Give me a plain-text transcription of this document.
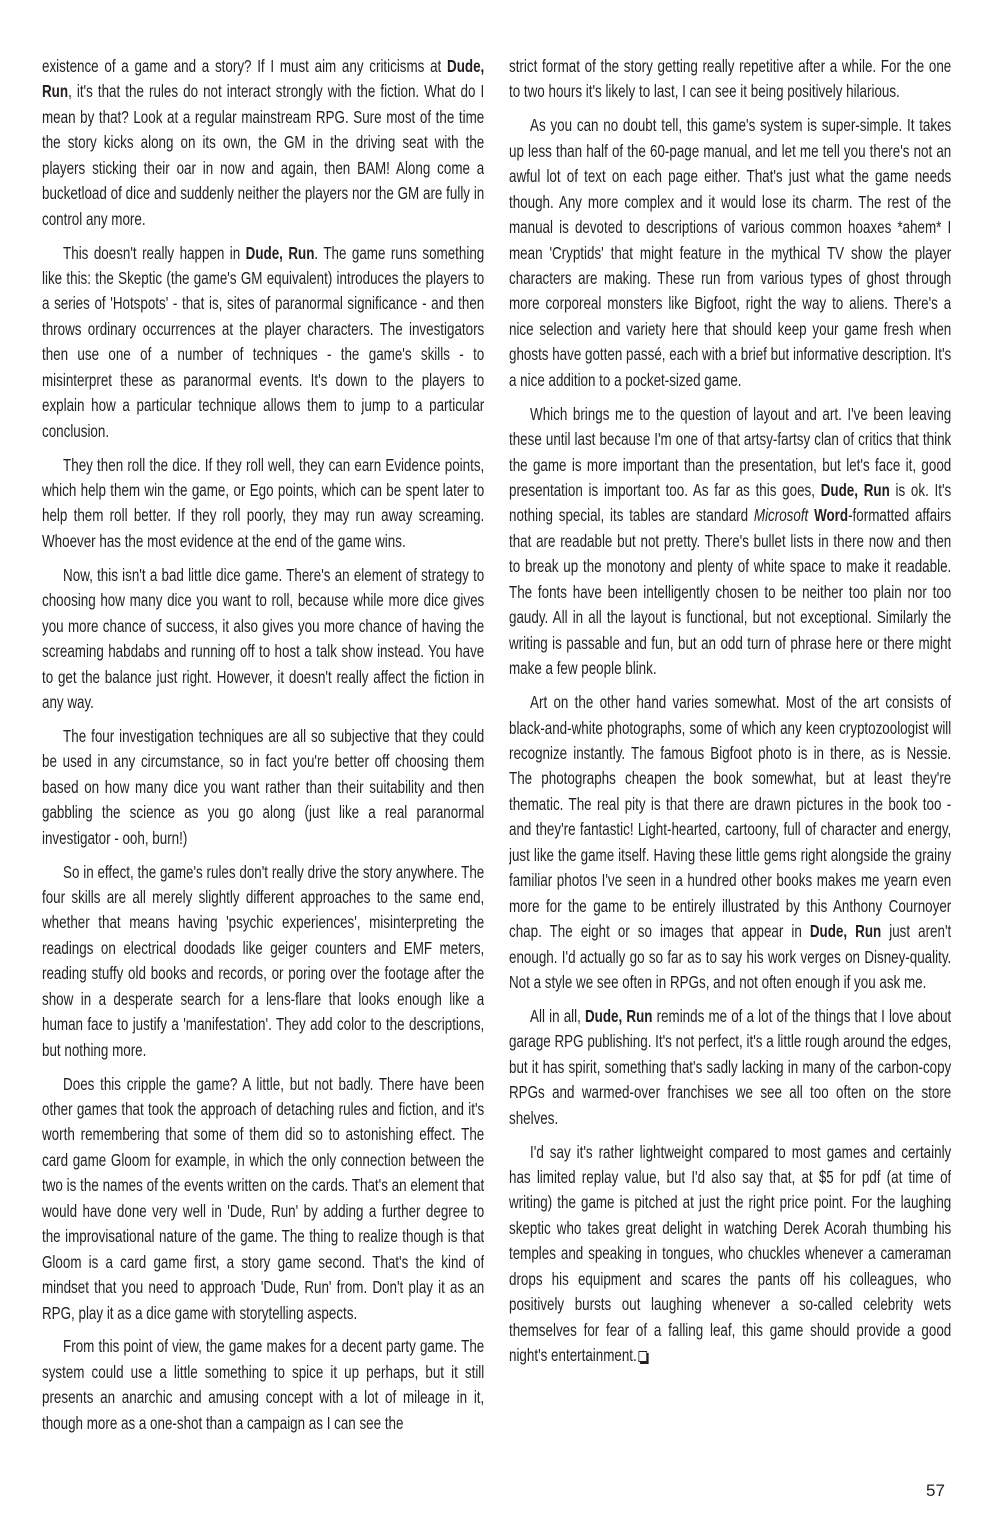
existence of a game and a story? If I must aim any criticisms at Dude, Run, it's that the rules do not interact strongly with the fiction. What do I mean by that? Look at a regular mainstream RPG. Sure most of the time the story kicks along on its own, the GM in the driving seat with the players sticking their oar in now and again, then BAM! Along come a bucketload of dice and suddenly neither the players nor the GM are fully in control any more.

This doesn't really happen in Dude, Run. The game runs something like this: the Skeptic (the game's GM equivalent) introduces the players to a series of 'Hotspots' - that is, sites of paranormal significance - and then throws ordinary occurrences at the player characters. The investigators then use one of a number of techniques - the game's skills - to misinterpret these as paranormal events. It's down to the players to explain how a particular technique allows them to jump to a particular conclusion.

They then roll the dice. If they roll well, they can earn Evidence points, which help them win the game, or Ego points, which can be spent later to help them roll better. If they roll poorly, they may run away screaming. Whoever has the most evidence at the end of the game wins.

Now, this isn't a bad little dice game. There's an element of strategy to choosing how many dice you want to roll, because while more dice gives you more chance of success, it also gives you more chance of having the screaming habdabs and running off to host a talk show instead. You have to get the balance just right. However, it doesn't really affect the fiction in any way.

The four investigation techniques are all so subjective that they could be used in any circumstance, so in fact you're better off choosing them based on how many dice you want rather than their suitability and then gabbling the science as you go along (just like a real paranormal investigator - ooh, burn!)

So in effect, the game's rules don't really drive the story anywhere. The four skills are all merely slightly different approaches to the same end, whether that means having 'psychic experiences', misinterpreting the readings on electrical doodads like geiger counters and EMF meters, reading stuffy old books and records, or poring over the footage after the show in a desperate search for a lens-flare that looks enough like a human face to justify a 'manifestation'. They add color to the descriptions, but nothing more.

Does this cripple the game? A little, but not badly. There have been other games that took the approach of detaching rules and fiction, and it's worth remembering that some of them did so to astonishing effect. The card game Gloom for example, in which the only connection between the two is the names of the events written on the cards. That's an element that would have done very well in 'Dude, Run' by adding a further degree to the improvisational nature of the game. The thing to realize though is that Gloom is a card game first, a story game second. That's the kind of mindset that you need to approach 'Dude, Run' from. Don't play it as an RPG, play it as a dice game with storytelling aspects.

From this point of view, the game makes for a decent party game. The system could use a little something to spice it up perhaps, but it still presents an anarchic and amusing concept with a lot of mileage in it, though more as a one-shot than a campaign as I can see the

strict format of the story getting really repetitive after a while. For the one to two hours it's likely to last, I can see it being positively hilarious.

As you can no doubt tell, this game's system is super-simple. It takes up less than half of the 60-page manual, and let me tell you there's not an awful lot of text on each page either. That's just what the game needs though. Any more complex and it would lose its charm. The rest of the manual is devoted to descriptions of various common hoaxes *ahem* I mean 'Cryptids' that might feature in the mythical TV show the player characters are making. These run from various types of ghost through more corporeal monsters like Bigfoot, right the way to aliens. There's a nice selection and variety here that should keep your game fresh when ghosts have gotten passé, each with a brief but informative description. It's a nice addition to a pocket-sized game.

Which brings me to the question of layout and art. I've been leaving these until last because I'm one of that artsy-fartsy clan of critics that think the game is more important than the presentation, but let's face it, good presentation is important too. As far as this goes, Dude, Run is ok. It's nothing special, its tables are standard Microsoft Word-formatted affairs that are readable but not pretty. There's bullet lists in there now and then to break up the monotony and plenty of white space to make it readable. The fonts have been intelligently chosen to be neither too plain nor too gaudy. All in all the layout is functional, but not exceptional. Similarly the writing is passable and fun, but an odd turn of phrase here or there might make a few people blink.

Art on the other hand varies somewhat. Most of the art consists of black-and-white photographs, some of which any keen cryptozoologist will recognize instantly. The famous Bigfoot photo is in there, as is Nessie. The photographs cheapen the book somewhat, but at least they're thematic. The real pity is that there are drawn pictures in the book too - and they're fantastic! Light-hearted, cartoony, full of character and energy, just like the game itself. Having these little gems right alongside the grainy familiar photos I've seen in a hundred other books makes me yearn even more for the game to be entirely illustrated by this Anthony Cournoyer chap. The eight or so images that appear in Dude, Run just aren't enough. I'd actually go so far as to say his work verges on Disney-quality. Not a style we see often in RPGs, and not often enough if you ask me.

All in all, Dude, Run reminds me of a lot of the things that I love about garage RPG publishing. It's not perfect, it's a little rough around the edges, but it has spirit, something that's sadly lacking in many of the carbon-copy RPGs and warmed-over franchises we see all too often on the store shelves.

I'd say it's rather lightweight compared to most games and certainly has limited replay value, but I'd also say that, at $5 for pdf (at time of writing) the game is pitched at just the right price point. For the laughing skeptic who takes great delight in watching Derek Acorah thumbing his temples and speaking in tongues, who chuckles whenever a cameraman drops his equipment and scares the pants off his colleagues, who positively bursts out laughing whenever a so-called celebrity wets themselves for fear of a falling leaf, this game should provide a good night's entertainment.

57
